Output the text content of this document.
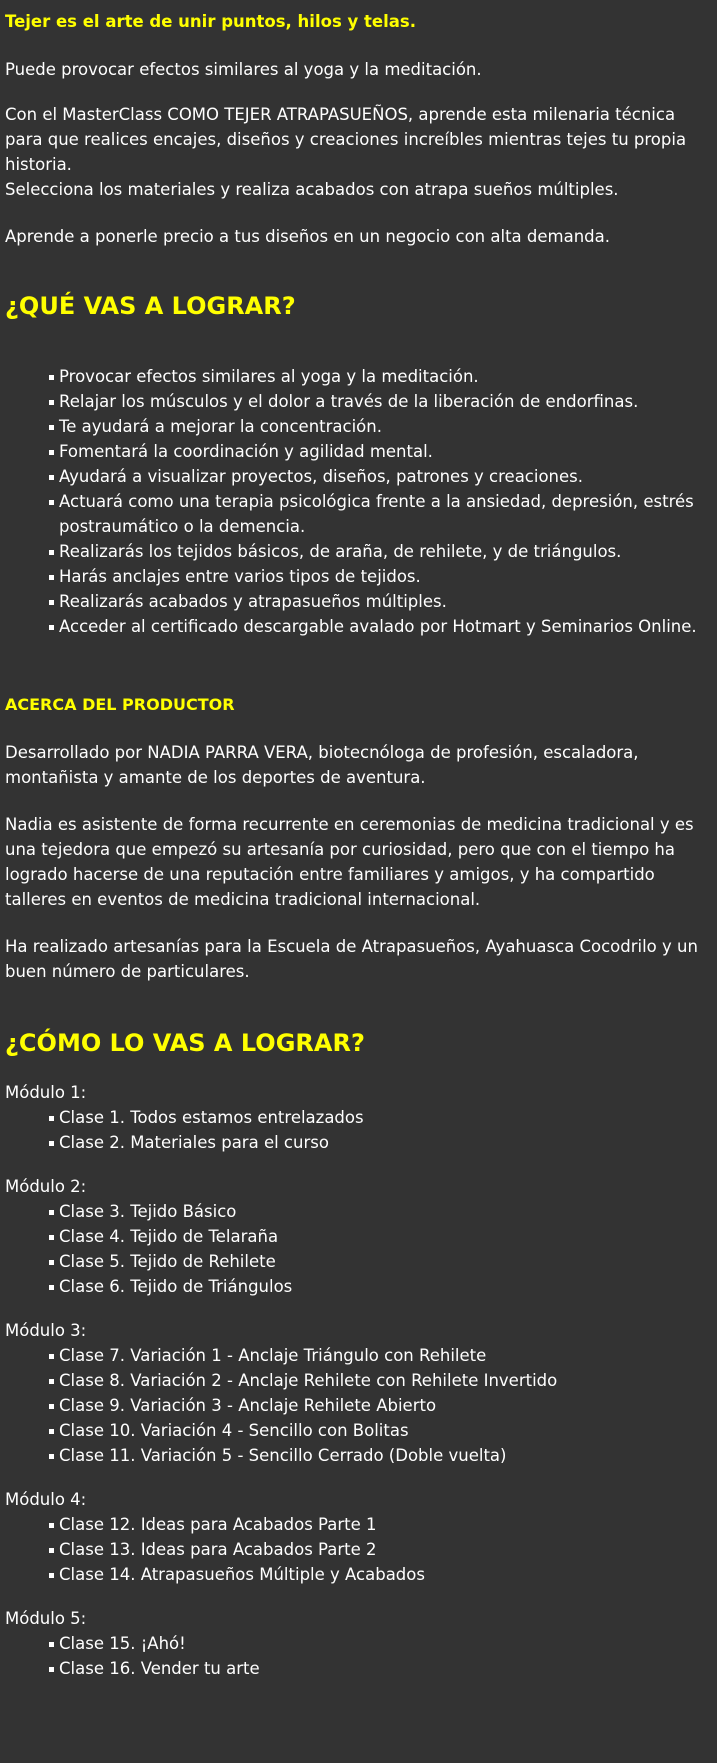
Tejer es el arte de unir puntos, hilos y telas.

Puede provocar efectos similares al yoga y la meditación.

Con el MasterClass COMO TEJER ATRAPASUEÑOS, aprende esta milenaria técnica

para que realices encajes, diseños y creaciones increíbles mientras tejes tu propia

historia.

Selecciona los materiales y realiza acabados con atrapa sueños múltiples.

Aprende a ponerle precio a tus diseños en un negocio con alta demanda.

¿QUÉ VAS A LOGRAR?
Provocar efectos similares al yoga y la meditación.
Relajar los músculos y el dolor a través de la liberación de endorfinas.
Te ayudará a mejorar la concentración.
Fomentará la coordinación y agilidad mental.
Ayudará a visualizar proyectos, diseños, patrones y creaciones.
Actuará como una terapia psicológica frente a la ansiedad, depresión, estrés
postraumático o la demencia.
Realizarás los tejidos básicos, de araña, de rehilete, y de triángulos.
Harás anclajes entre varios tipos de tejidos.
Realizarás acabados y atrapasueños múltiples.
Acceder al certificado descargable avalado por Hotmart y Seminarios Online.
ACERCA DEL PRODUCTOR

Desarrollado por NADIA PARRA VERA, biotecnóloga de profesión, escaladora,

montañista y amante de los deportes de aventura.

Nadia es asistente de forma recurrente en ceremonias de medicina tradicional y es

una tejedora que empezó su artesanía por curiosidad, pero que con el tiempo ha

logrado hacerse de una reputación entre familiares y amigos, y ha compartido

talleres en eventos de medicina tradicional internacional.

Ha realizado artesanías para la Escuela de Atrapasueños, Ayahuasca Cocodrilo y un

buen número de particulares.

¿CÓMO LO VAS A LOGRAR?

Módulo 1:

Clase 1. Todos estamos entrelazados
Clase 2. Materiales para el curso

Módulo 2:

Clase 3. Tejido Básico
Clase 4. Tejido de Telaraña
Clase 5. Tejido de Rehilete
Clase 6. Tejido de Triángulos

Módulo 3:

Clase 7. Variación 1 - Anclaje Triángulo con Rehilete
Clase 8. Variación 2 - Anclaje Rehilete con Rehilete Invertido
Clase 9. Variación 3 - Anclaje Rehilete Abierto
Clase 10. Variación 4 - Sencillo con Bolitas
Clase 11. Variación 5 - Sencillo Cerrado (Doble vuelta)

Módulo 4:

Clase 12. Ideas para Acabados Parte 1
Clase 13. Ideas para Acabados Parte 2
Clase 14. Atrapasueños Múltiple y Acabados

Módulo 5:

Clase 15. ¡Ahó!
Clase 16. Vender tu arte
